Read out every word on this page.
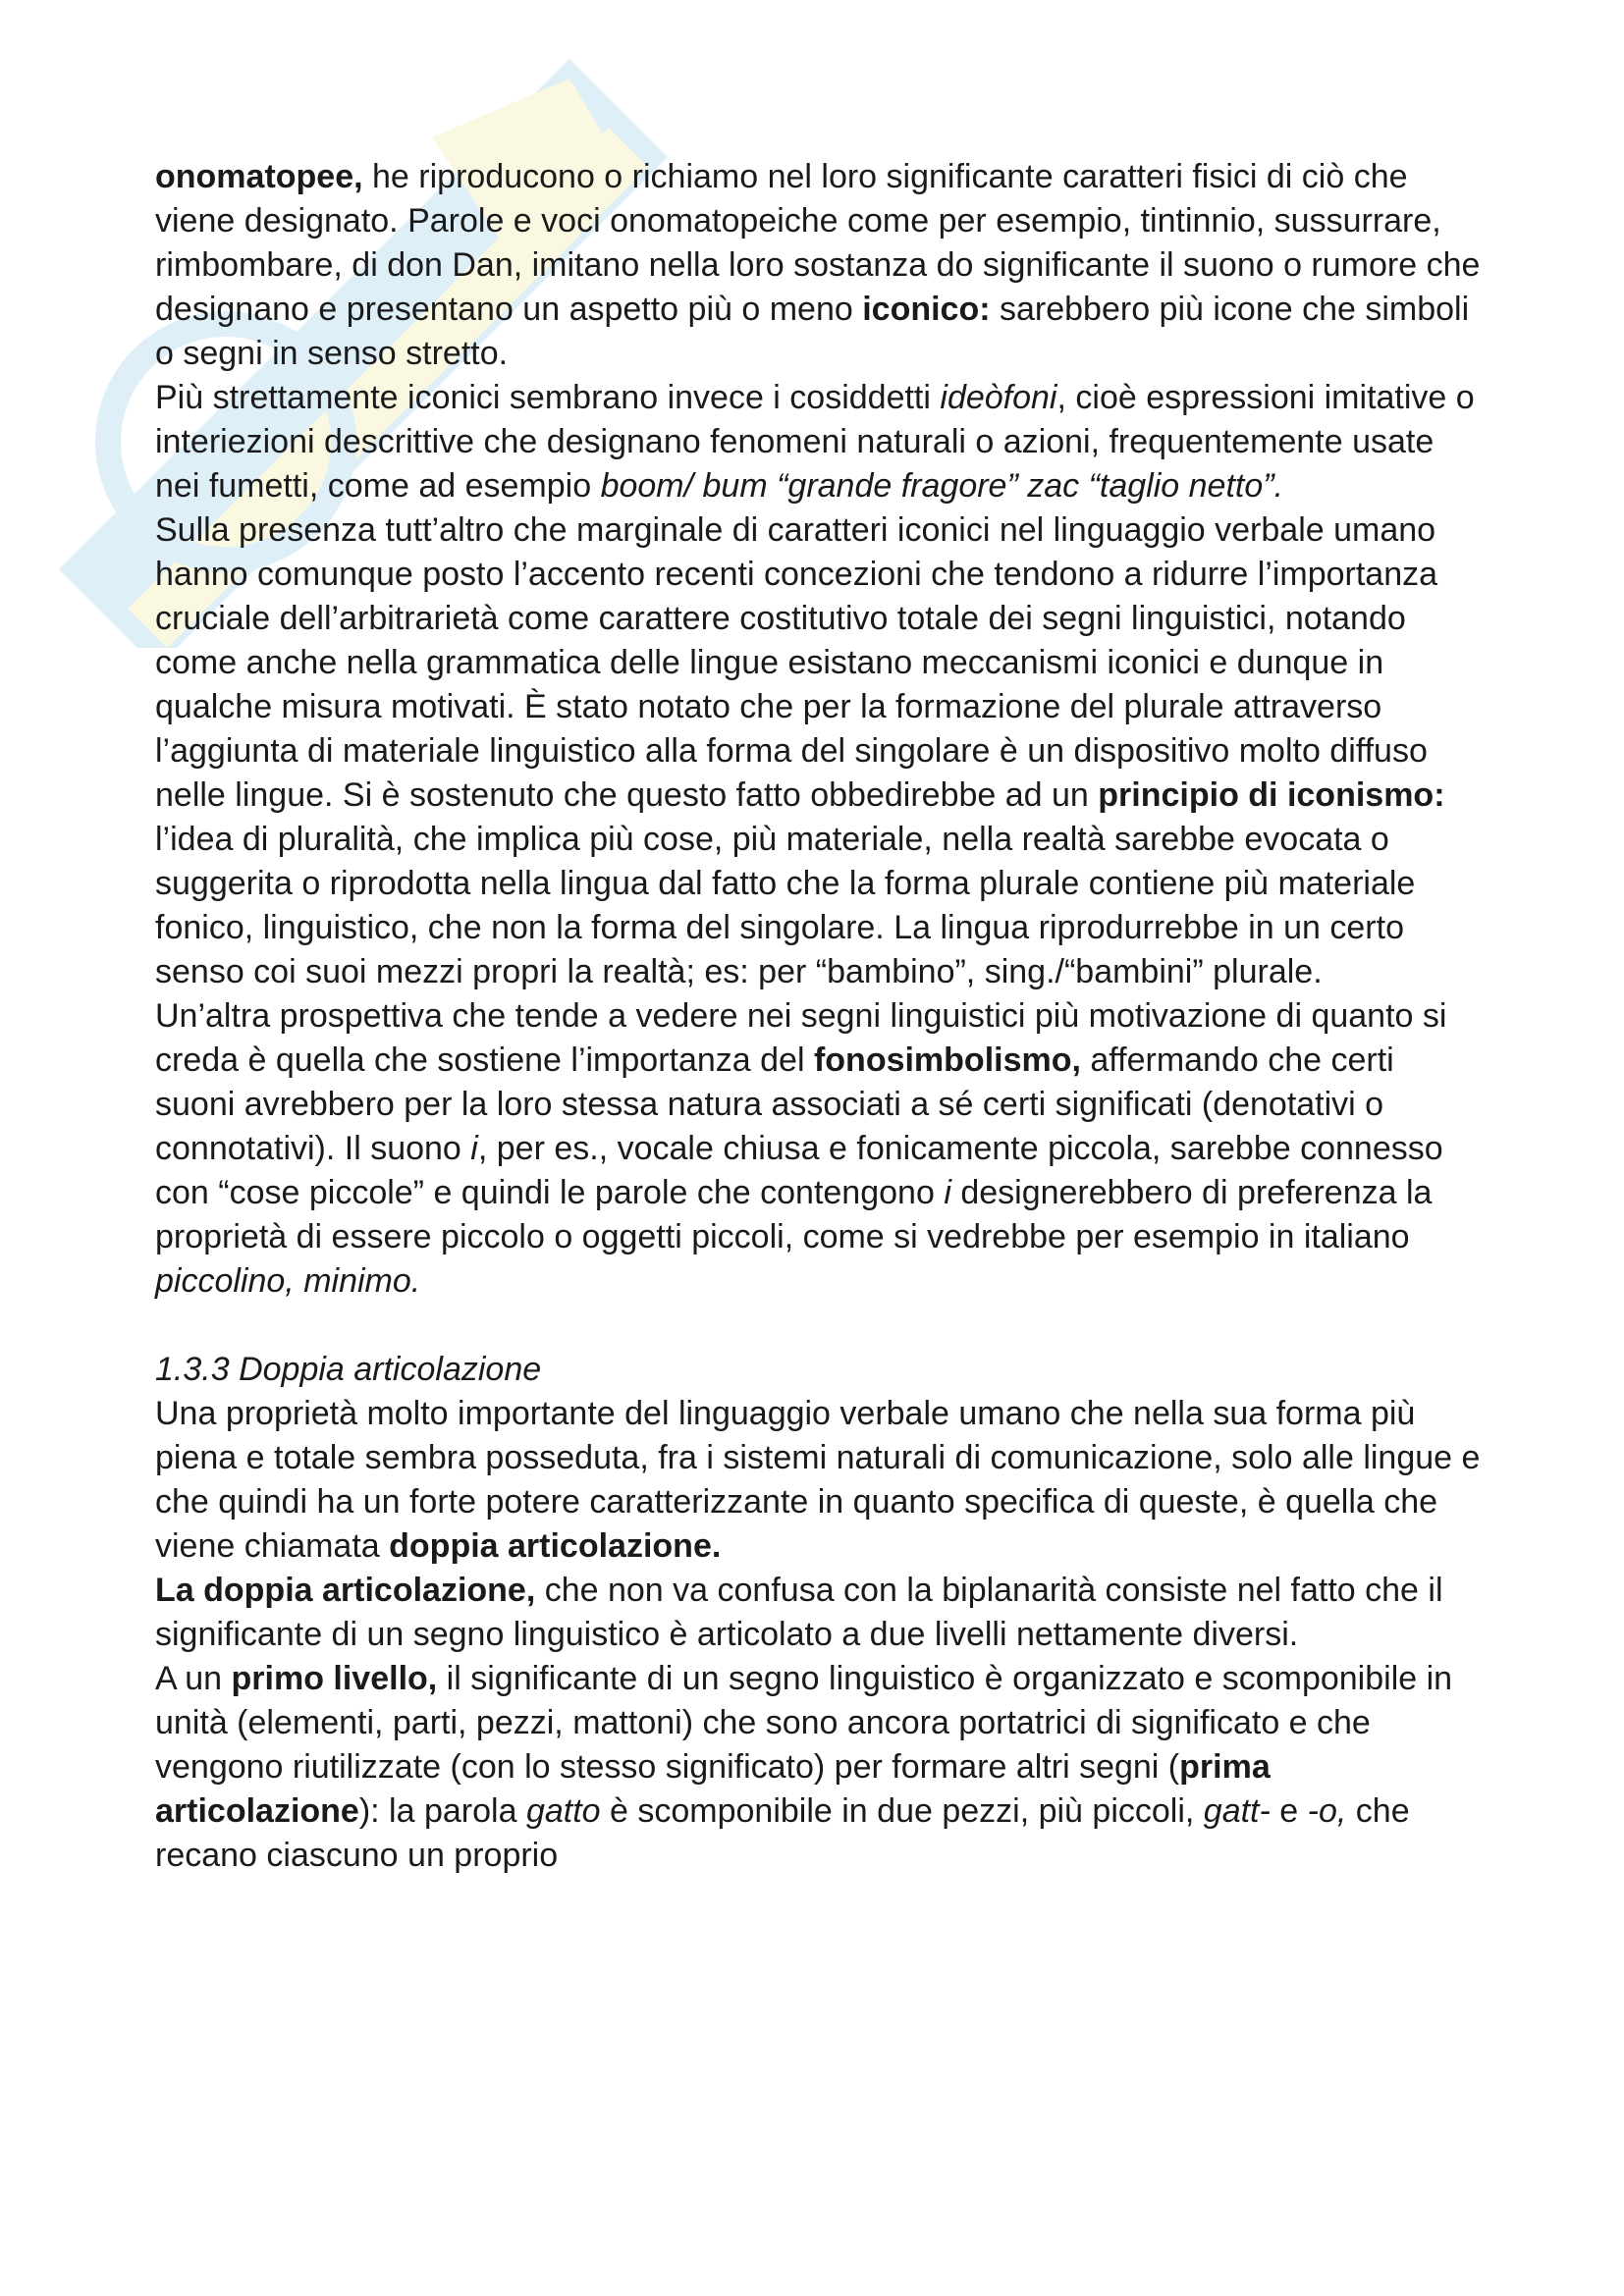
onomatopee, he riproducono o richiamo nel loro significante caratteri fisici di ciò che viene designato. Parole e voci onomatopeiche come per esempio, tintinnio, sussurrare, rimbombare, di don Dan, imitano nella loro sostanza do significante il suono o rumore che designano e presentano un aspetto più o meno iconico: sarebbero più icone che simboli o segni in senso stretto.

Più strettamente iconici sembrano invece i cosiddetti ideòfoni, cioè espressioni imitative o interiezioni descrittive che designano fenomeni naturali o azioni, frequentemente usate nei fumetti, come ad esempio boom/ bum “grande fragore” zac “taglio netto”.

Sulla presenza tutt’altro che marginale di caratteri iconici nel linguaggio verbale umano hanno comunque posto l’accento recenti concezioni che tendono a ridurre l’importanza cruciale dell’arbitrarietà come carattere costitutivo totale dei segni linguistici, notando come anche nella grammatica delle lingue esistano meccanismi iconici e dunque in qualche misura motivati. È stato notato che per la formazione del plurale attraverso l’aggiunta di materiale linguistico alla forma del singolare è un dispositivo molto diffuso nelle lingue. Si è sostenuto che questo fatto obbedirebbe ad un principio di iconismo: l’idea di pluralità, che implica più cose, più materiale, nella realtà sarebbe evocata o suggerita o riprodotta nella lingua dal fatto che la forma plurale contiene più materiale fonico, linguistico, che non la forma del singolare. La lingua riprodurrebbe in un certo senso coi suoi mezzi propri la realtà; es: per “bambino”, sing./“bambini” plurale.

Un’altra prospettiva che tende a vedere nei segni linguistici più motivazione di quanto si creda è quella che sostiene l’importanza del fonosimbolismo, affermando che certi suoni avrebbero per la loro stessa natura associati a sé certi significati (denotativi o connotativi). Il suono i, per es., vocale chiusa e fonicamente piccola, sarebbe connesso con “cose piccole” e quindi le parole che contengono i designerebbero di preferenza la proprietà di essere piccolo o oggetti piccoli, come si vedrebbe per esempio in italiano piccolino, minimo.

1.3.3 Doppia articolazione

Una proprietà molto importante del linguaggio verbale umano che nella sua forma più piena e totale sembra posseduta, fra i sistemi naturali di comunicazione, solo alle lingue e che quindi ha un forte potere caratterizzante in quanto specifica di queste, è quella che viene chiamata doppia articolazione.

La doppia articolazione, che non va confusa con la biplanarità consiste nel fatto che il significante di un segno linguistico è articolato a due livelli nettamente diversi.

A un primo livello, il significante di un segno linguistico è organizzato e scomponibile in unità (elementi, parti, pezzi, mattoni) che sono ancora portatrici di significato e che vengono riutilizzate (con lo stesso significato) per formare altri segni (prima articolazione): la parola gatto è scomponibile in due pezzi, più piccoli, gatt- e -o, che recano ciascuno un proprio
